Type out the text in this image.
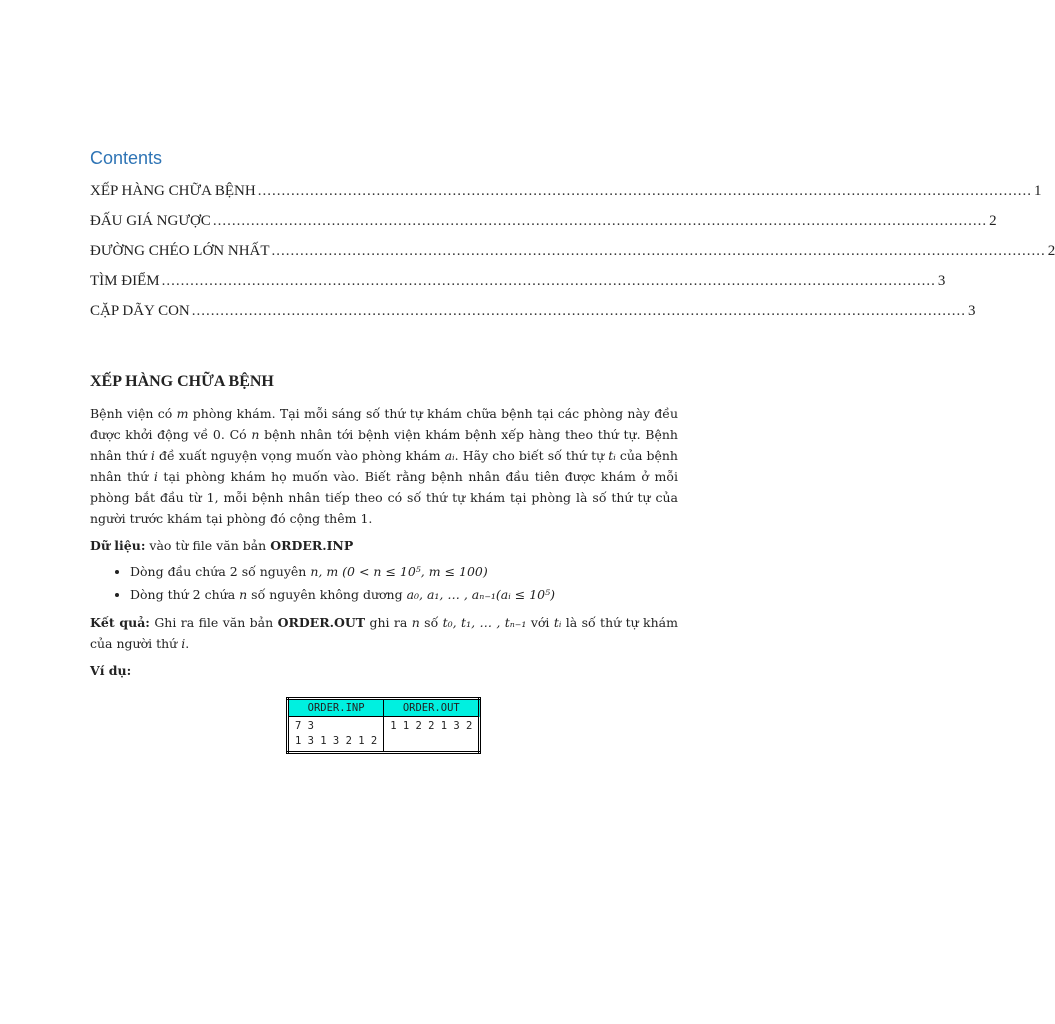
Contents
XẾP HÀNG CHỮA BỆNH ................................................................................................................................................................... 1
ĐẤU GIÁ NGƯỢC ................................................................................................................................................................... 2
ĐƯỜNG CHÉO LỚN NHẤT ................................................................................................................................................................... 2
TÌM ĐIỂM ................................................................................................................................................................... 3
CẶP DÃY CON ................................................................................................................................................................... 3
XẾP HÀNG CHỮA BỆNH

Bệnh viện có m phòng khám. Tại mỗi sáng số thứ tự khám chữa bệnh tại các phòng này đều được khởi động về 0. Có n bệnh nhân tới bệnh viện khám bệnh xếp hàng theo thứ tự. Bệnh nhân thứ i đề xuất nguyện vọng muốn vào phòng khám aᵢ. Hãy cho biết số thứ tự tᵢ của bệnh nhân thứ i tại phòng khám họ muốn vào. Biết rằng bệnh nhân đầu tiên được khám ở mỗi phòng bắt đầu từ 1, mỗi bệnh nhân tiếp theo có số thứ tự khám tại phòng là số thứ tự của người trước khám tại phòng đó cộng thêm 1.

Dữ liệu: vào từ file văn bản ORDER.INP

• Dòng đầu chứa 2 số nguyên n, m (0 < n ≤ 10⁵, m ≤ 100)
• Dòng thứ 2 chứa n số nguyên không dương a₀, a₁, … , aₙ₋₁(aᵢ ≤ 10⁵)

Kết quả: Ghi ra file văn bản ORDER.OUT ghi ra n số t₀, t₁, … , tₙ₋₁ với tᵢ là số thứ tự khám của người thứ i.

Ví dụ:

ORDER.INP	ORDER.OUT

7 3
1 3 1 3 2 1 2	1 1 2 2 1 3 2
